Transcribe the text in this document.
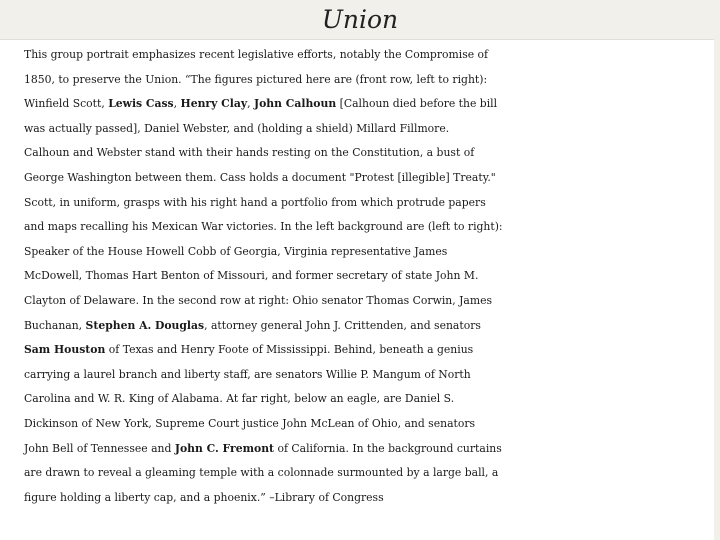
Union
This group portrait emphasizes recent legislative efforts, notably the Compromise of
1850, to preserve the Union. “The figures pictured here are (front row, left to right):
Winfield Scott, Lewis Cass, Henry Clay, John Calhoun [Calhoun died before the bill
was actually passed], Daniel Webster, and (holding a shield) Millard Fillmore.
Calhoun and Webster stand with their hands resting on the Constitution, a bust of
George Washington between them. Cass holds a document "Protest [illegible] Treaty."
Scott, in uniform, grasps with his right hand a portfolio from which protrude papers
and maps recalling his Mexican War victories. In the left background are (left to right):
Speaker of the House Howell Cobb of Georgia, Virginia representative James
McDowell, Thomas Hart Benton of Missouri, and former secretary of state John M.
Clayton of Delaware. In the second row at right: Ohio senator Thomas Corwin, James
Buchanan, Stephen A. Douglas, attorney general John J. Crittenden, and senators
Sam Houston of Texas and Henry Foote of Mississippi. Behind, beneath a genius
carrying a laurel branch and liberty staff, are senators Willie P. Mangum of North
Carolina and W. R. King of Alabama. At far right, below an eagle, are Daniel S.
Dickinson of New York, Supreme Court justice John McLean of Ohio, and senators
John Bell of Tennessee and John C. Fremont of California. In the background curtains
are drawn to reveal a gleaming temple with a colonnade surmounted by a large ball, a
figure holding a liberty cap, and a phoenix.” –Library of Congress
